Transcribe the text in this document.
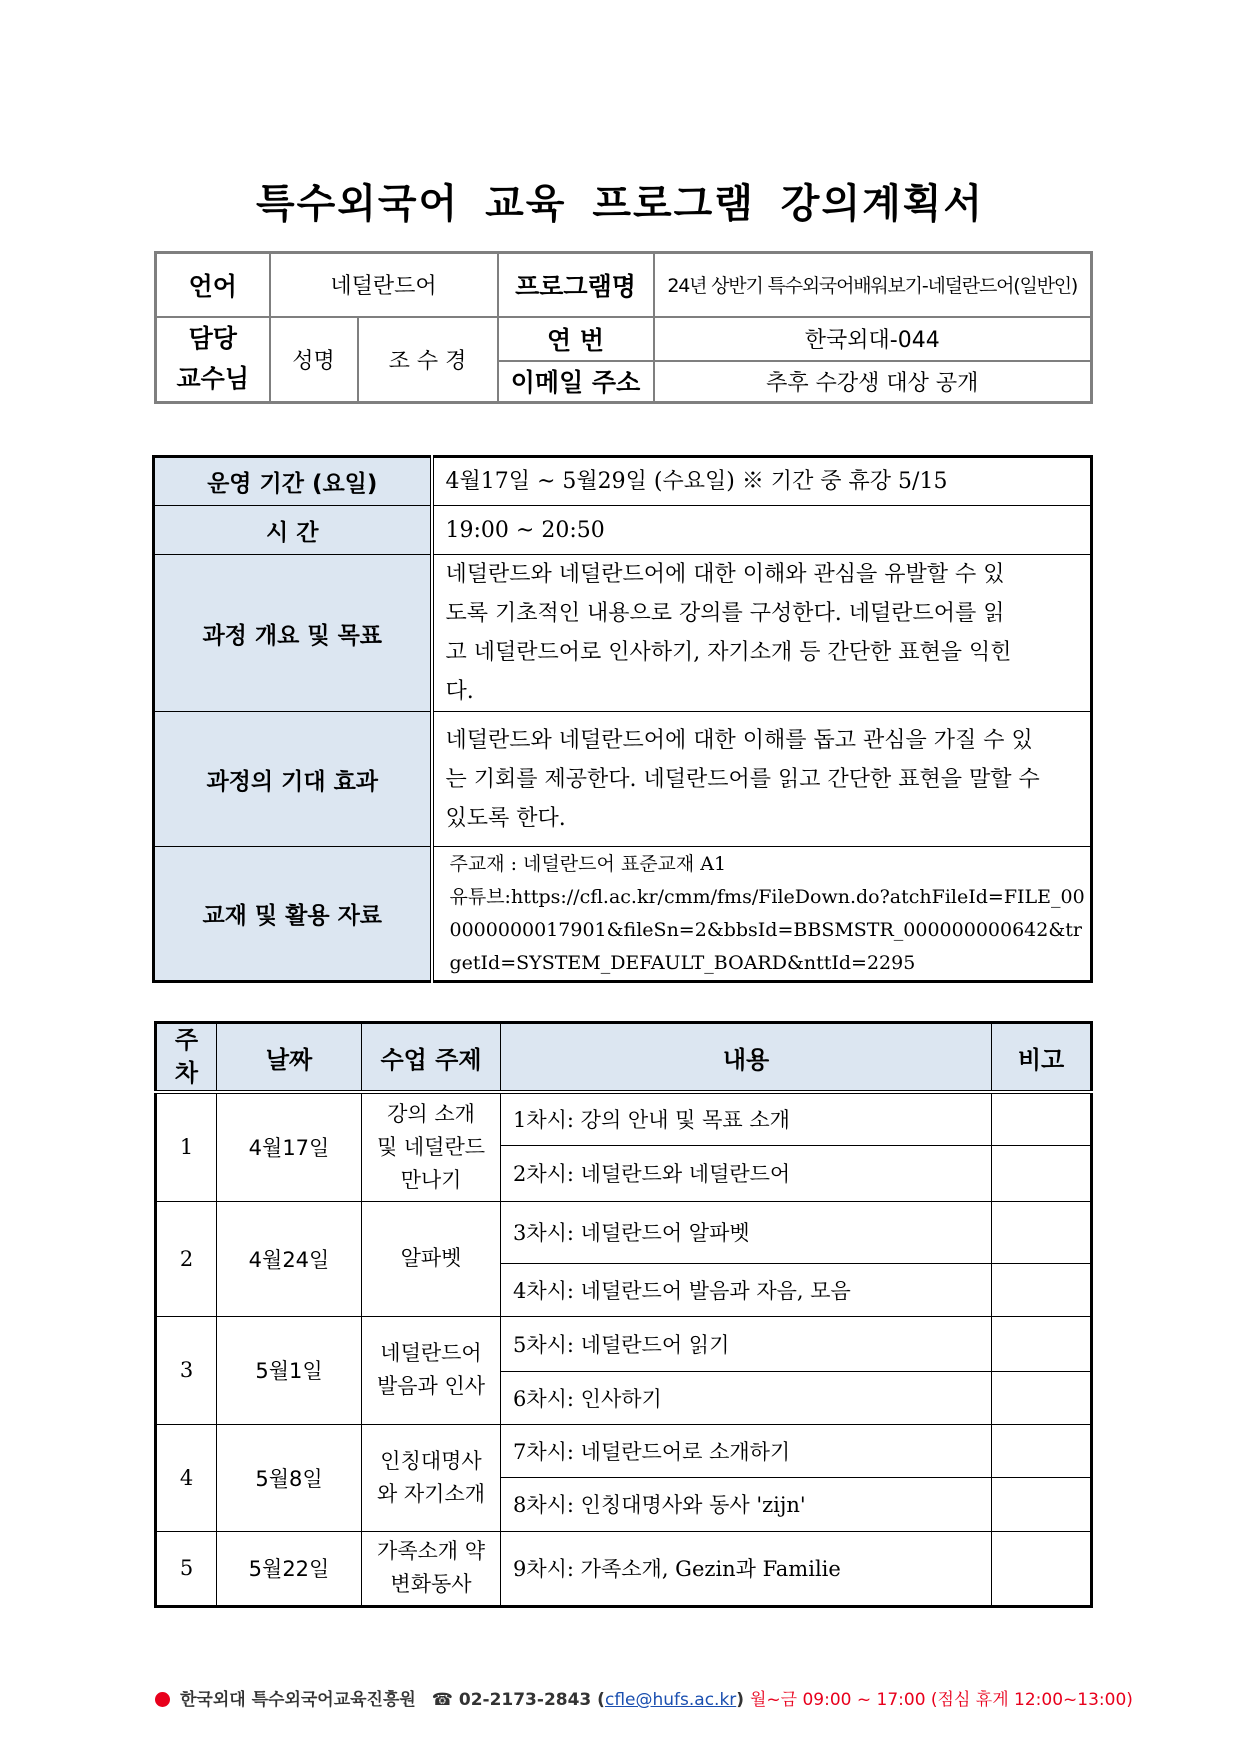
특수외국어 교육 프로그램 강의계획서
언어	네덜란드어		프로그램명	24년 상반기 특수외국어배워보기-네덜란드어(일반인)

담당
교수님	성명	조 수 경	연 번	한국외대-044
			이메일 주소	추후 수강생 대상 공개
운영 기간 (요일)	4월17일 ~ 5월29일 (수요일) ※ 기간 중 휴강 5/15
시 간	19:00 ~ 20:50
과정 개요 및 목표	네덜란드와 네덜란드어에 대한 이해와 관심을 유발할 수 있도록 기초적인 내용으로 강의를 구성한다. 네덜란드어를 읽고 네덜란드어로 인사하기, 자기소개 등 간단한 표현을 익힌다.
과정의 기대 효과	네덜란드와 네덜란드어에 대한 이해를 돕고 관심을 가질 수 있는 기회를 제공한다. 네덜란드어를 읽고 간단한 표현을 말할 수 있도록 한다.
교재 및 활용 자료	주교재 : 네덜란드어 표준교재 A1
유튜브:https://cfl.ac.kr/cmm/fms/FileDown.do?atchFileId=FILE_000000000017901&fileSn=2&bbsId=BBSMSTR_000000000642&trgetId=SYSTEM_DEFAULT_BOARD&nttId=2295
주
차	날짜	수업 주제	내용	비고
1	4월17일	강의 소개 및 네덜란드 만나기	1차시: 강의 안내 및 목표 소개	
			2차시: 네덜란드와 네덜란드어	
2	4월24일	알파벳	3차시: 네덜란드어 알파벳	
			4차시: 네덜란드어 발음과 자음, 모음	
3	5월1일	네덜란드어 발음과 인사	5차시: 네덜란드어 읽기	
			6차시: 인사하기	
4	5월8일	인칭대명사와 자기소개	7차시: 네덜란드어로 소개하기	
			8차시: 인칭대명사와 동사 'zijn'	
5	5월22일	가족소개 약변화동사	9차시: 가족소개, Gezin과 Familie	
한국외대 특수외국어교육진흥원 ☎ 02-2173-2843 (cfle@hufs.ac.kr) 월~금 09:00 ~ 17:00 (점심 휴게 12:00~13:00)
